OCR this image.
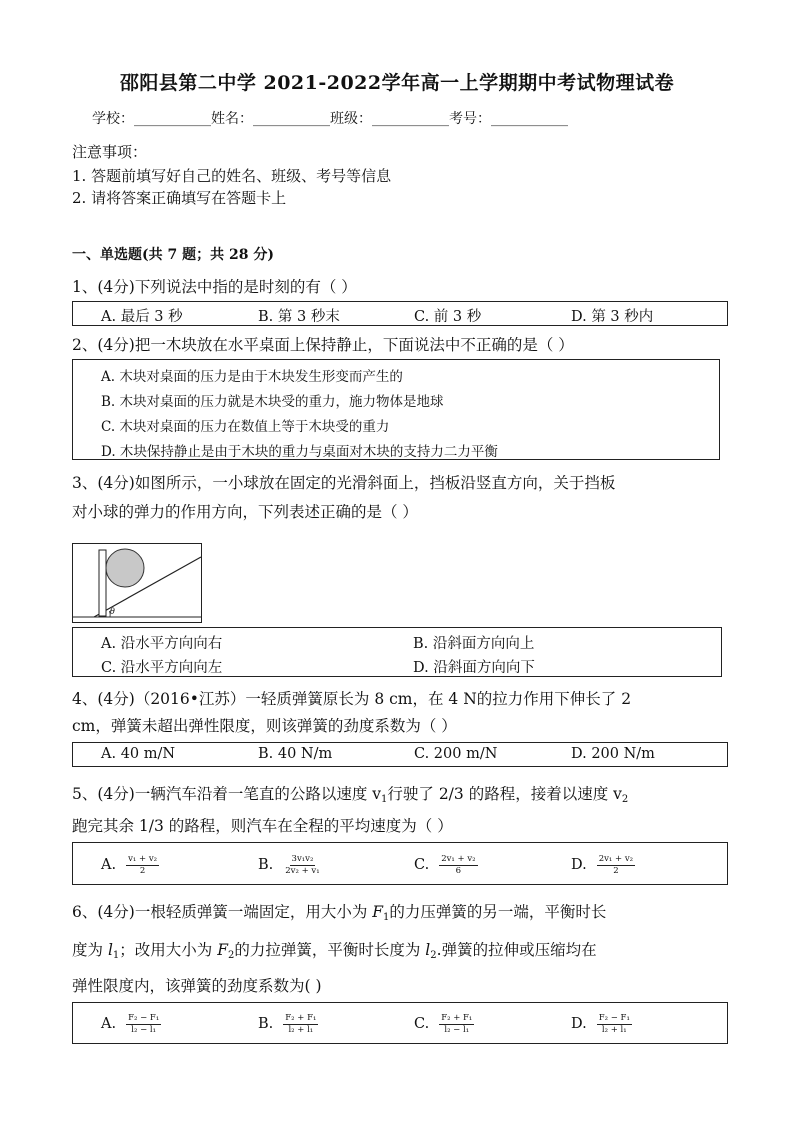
邵阳县第二中学 2021-2022学年高一上学期期中考试物理试卷
学校：___________姓名：___________班级：___________考号：___________
注意事项：
1. 答题前填写好自己的姓名、班级、考号等信息
2. 请将答案正确填写在答题卡上
一、单选题(共 7 题；共 28 分)
1、(4分)下列说法中指的是时刻的有（ ）
A. 最后 3 秒	B. 第 3 秒末	C. 前 3 秒	D. 第 3 秒内
2、(4分)把一木块放在水平桌面上保持静止，下面说法中不正确的是（ ）
A. 木块对桌面的压力是由于木块发生形变而产生的
B. 木块对桌面的压力就是木块受的重力，施力物体是地球
C. 木块对桌面的压力在数值上等于木块受的重力
D. 木块保持静止是由于木块的重力与桌面对木块的支持力二力平衡
3、(4分)如图所示，一小球放在固定的光滑斜面上，挡板沿竖直方向，关于挡板
对小球的弹力的作用方向，下列表述正确的是（ ）
θ
A. 沿水平方向向右	B. 沿斜面方向向上
C. 沿水平方向向左	D. 沿斜面方向向下
4、(4分)（2016•江苏）一轻质弹簧原长为 8 cm，在 4 N的拉力作用下伸长了 2
cm，弹簧未超出弹性限度，则该弹簧的劲度系数为（ ）
A. 40 m/N	B. 40 N/m	C. 200 m/N	D. 200 N/m
5、(4分)一辆汽车沿着一笔直的公路以速度 $v_1$行驶了 2/3 的路程，接着以速度 $v_2$
跑完其余 1/3 的路程，则汽车在全程的平均速度为（ ）
A. $\frac{\text{v₁ + v₂}}{2}$	B. $\frac{\text{3v₁v₂}}{\text{2v₂ + v₁}}$	C. $\frac{\text{2v₁ + v₂}}{6}$	D. $\frac{\text{2v₁ + v₂}}{2}$
6、(4分)一根轻质弹簧一端固定，用大小为 $F_1$的力压弹簧的另一端，平衡时长
度为 $l_1$；改用大小为 $F_2$的力拉弹簧，平衡时长度为 $l_2$.弹簧的拉伸或压缩均在
弹性限度内，该弹簧的劲度系数为( )
A. $\frac{\text{F₂ − F₁}}{\text{l₂ − l₁}}$	B. $\frac{\text{F₂ + F₁}}{\text{l₂ + l₁}}$	C. $\frac{\text{F₂ + F₁}}{\text{l₂ − l₁}}$	D. $\frac{\text{F₂ − F₁}}{\text{l₂ + l₁}}$
